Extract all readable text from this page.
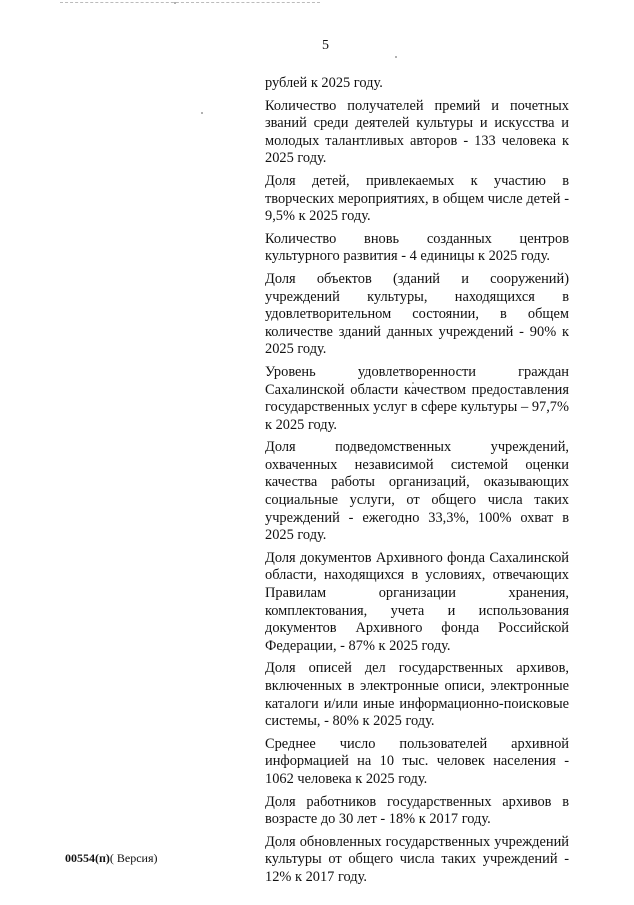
5

рублей к 2025 году.

Количество получателей премий и почетных званий среди деятелей культуры и искусства и молодых талантливых авторов - 133 человека к 2025 году.

Доля детей, привлекаемых к участию в творческих мероприятиях, в общем числе детей - 9,5% к 2025 году.

Количество вновь созданных центров культурного развития - 4 единицы к 2025 году.

Доля объектов (зданий и сооружений) учреждений культуры, находящихся в удовлетворительном состоянии, в общем количестве зданий данных учреждений - 90% к 2025 году.

Уровень удовлетворенности граждан Сахалинской области качеством предоставления государственных услуг в сфере культуры – 97,7% к 2025 году.

Доля подведомственных учреждений, охваченных независимой системой оценки качества работы организаций, оказывающих социальные услуги, от общего числа таких учреждений - ежегодно 33,3%, 100% охват в 2025 году.

Доля документов Архивного фонда Сахалинской области, находящихся в условиях, отвечающих Правилам организации хранения, комплектования, учета и использования документов Архивного фонда Российской Федерации, - 87% к 2025 году.

Доля описей дел государственных архивов, включенных в электронные описи, электронные каталоги и/или иные информационно-поисковые системы, - 80% к 2025 году.

Среднее число пользователей архивной информацией на 10 тыс. человек населения - 1062 человека к 2025 году.

Доля работников государственных архивов в возрасте до 30 лет - 18% к 2017 году.

Доля обновленных государственных учреждений культуры от общего числа таких учреждений - 12% к 2017 году.

00554(п)( Версия)
